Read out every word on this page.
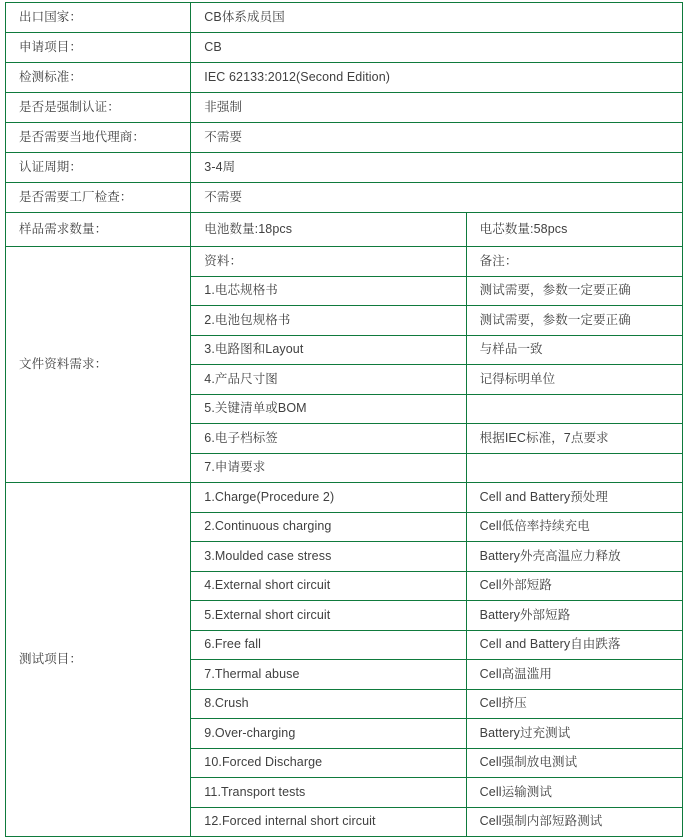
出口国家：	CB体系成员国	
申请项目：	CB	
检测标准：	IEC 62133:2012(Second Edition)	
是否是强制认证：	非强制	
是否需要当地代理商：	不需要	
认证周期：	3-4周	
是否需要工厂检查：	不需要	
样品需求数量：	电池数量:18pcs	电芯数量:58pcs
文件资料需求：	资料：	备注：
	1.电芯规格书	测试需要，参数一定要正确
	2.电池包规格书	测试需要，参数一定要正确
	3.电路图和Layout	与样品一致
	4.产品尺寸图	记得标明单位
	5.关键清单或BOM	
	6.电子档标签	根据IEC标准，7点要求
	7.申请要求	
测试项目：	1.Charge(Procedure 2)	Cell and Battery预处理
	2.Continuous charging	Cell低倍率持续充电
	3.Moulded case stress	Battery外壳高温应力释放
	4.External short circuit	Cell外部短路
	5.External short circuit	Battery外部短路
	6.Free fall	Cell and Battery自由跌落
	7.Thermal abuse	Cell高温滥用
	8.Crush	Cell挤压
	9.Over-charging	Battery过充测试
	10.Forced Discharge	Cell强制放电测试
	11.Transport tests	Cell运输测试
	12.Forced internal short circuit	Cell强制内部短路测试
